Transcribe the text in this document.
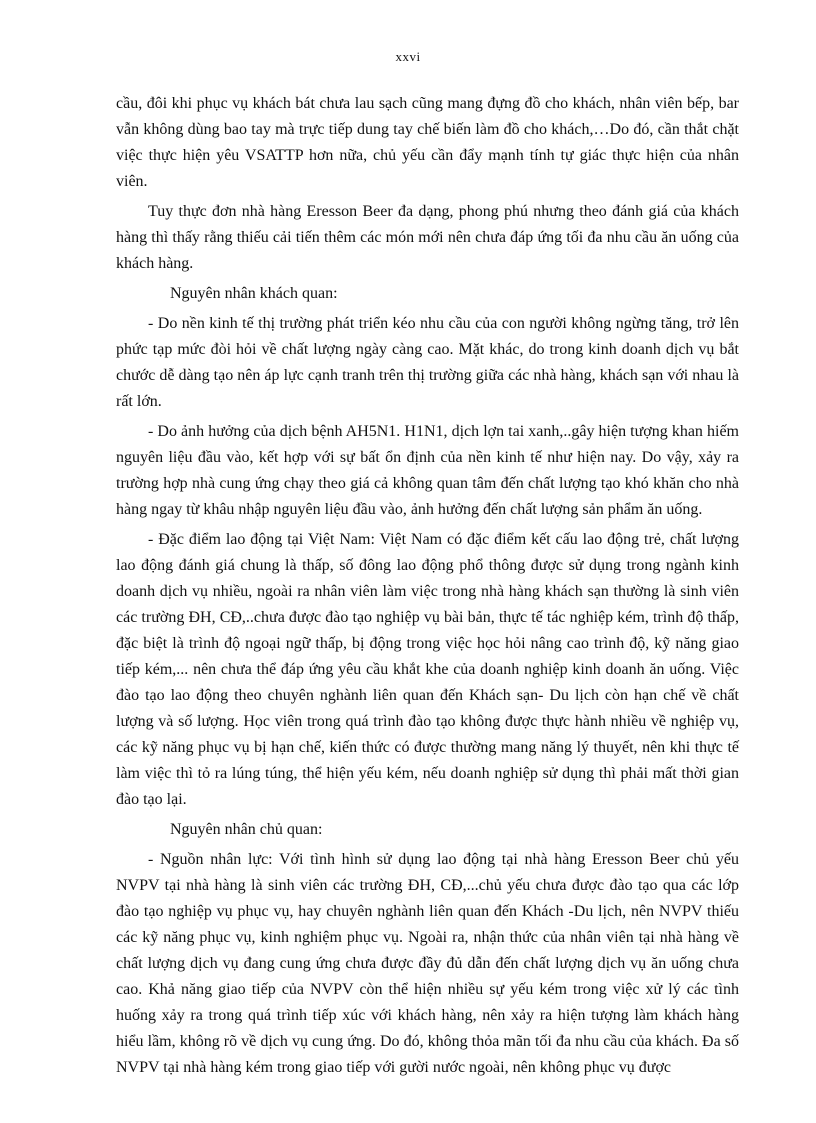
xxvi

cầu, đôi khi phục vụ khách bát chưa lau sạch cũng mang đựng đồ cho khách, nhân viên bếp, bar vẫn không dùng bao tay mà trực tiếp dung tay chế biến làm đồ cho khách,…Do đó, cần thắt chặt việc thực hiện yêu VSATTP hơn nữa, chủ yếu cần đẩy mạnh tính tự giác thực hiện của nhân viên.

Tuy thực đơn nhà hàng Eresson Beer đa dạng, phong phú nhưng theo đánh giá của khách hàng thì thấy rằng thiếu cải tiến thêm các món mới nên chưa đáp ứng tối đa nhu cầu ăn uống của khách hàng.

Nguyên nhân khách quan:

- Do nền kinh tế thị trường phát triển kéo nhu cầu của con người không ngừng tăng, trở lên phức tạp mức đòi hỏi về chất lượng ngày càng cao. Mặt khác, do trong kinh doanh dịch vụ bắt chước dễ dàng tạo nên áp lực cạnh tranh trên thị trường giữa các nhà hàng, khách sạn với nhau là rất lớn.

- Do ảnh hưởng của dịch bệnh AH5N1. H1N1, dịch lợn tai xanh,..gây hiện tượng khan hiếm nguyên liệu đầu vào, kết hợp với sự bất ổn định của nền kinh tế như hiện nay. Do vậy, xảy ra trường hợp nhà cung ứng chạy theo giá cả không quan tâm đến chất lượng tạo khó khăn cho nhà hàng ngay từ khâu nhập nguyên liệu đầu vào, ảnh hưởng đến chất lượng sản phẩm ăn uống.

- Đặc điểm lao động tại Việt Nam: Việt Nam có đặc điểm kết cấu lao động trẻ, chất lượng lao động đánh giá chung là thấp, số đông lao động phổ thông được sử dụng trong ngành kinh doanh dịch vụ nhiều, ngoài ra nhân viên làm việc trong nhà hàng khách sạn thường là sinh viên các trường ĐH, CĐ,..chưa được đào tạo nghiệp vụ bài bản, thực tế tác nghiệp kém, trình độ thấp, đặc biệt là trình độ ngoại ngữ thấp, bị động trong việc học hỏi nâng cao trình độ, kỹ năng giao tiếp kém,... nên chưa thể đáp ứng yêu cầu khắt khe của doanh nghiệp kinh doanh ăn uống. Việc đào tạo lao động theo chuyên nghành liên quan đến Khách sạn- Du lịch còn hạn chế về chất lượng và số lượng. Học viên trong quá trình đào tạo không được thực hành nhiều về nghiệp vụ, các kỹ năng phục vụ bị hạn chế, kiến thức có được thường mang năng lý thuyết, nên khi thực tế làm việc thì tỏ ra lúng túng, thể hiện yếu kém, nếu doanh nghiệp sử dụng thì phải mất thời gian đào tạo lại.

Nguyên nhân chủ quan:

- Nguồn nhân lực: Với tình hình sử dụng lao động tại nhà hàng Eresson Beer chủ yếu NVPV tại nhà hàng là sinh viên các trường ĐH, CĐ,...chủ yếu chưa được đào tạo qua các lớp đào tạo nghiệp vụ phục vụ, hay chuyên nghành liên quan đến Khách -Du lịch, nên NVPV thiếu các kỹ năng phục vụ, kinh nghiệm phục vụ. Ngoài ra, nhận thức của nhân viên tại nhà hàng về chất lượng dịch vụ đang cung ứng chưa được đầy đủ dẫn đến chất lượng dịch vụ ăn uống chưa cao. Khả năng giao tiếp của NVPV còn thể hiện nhiều sự yếu kém trong việc xử lý các tình huống xảy ra trong quá trình tiếp xúc với khách hàng, nên xảy ra hiện tượng làm khách hàng hiểu lầm, không rõ về dịch vụ cung ứng. Do đó, không thỏa mãn tối đa nhu cầu của khách. Đa số NVPV tại nhà hàng kém trong giao tiếp với gười nước ngoài, nên không phục vụ được
